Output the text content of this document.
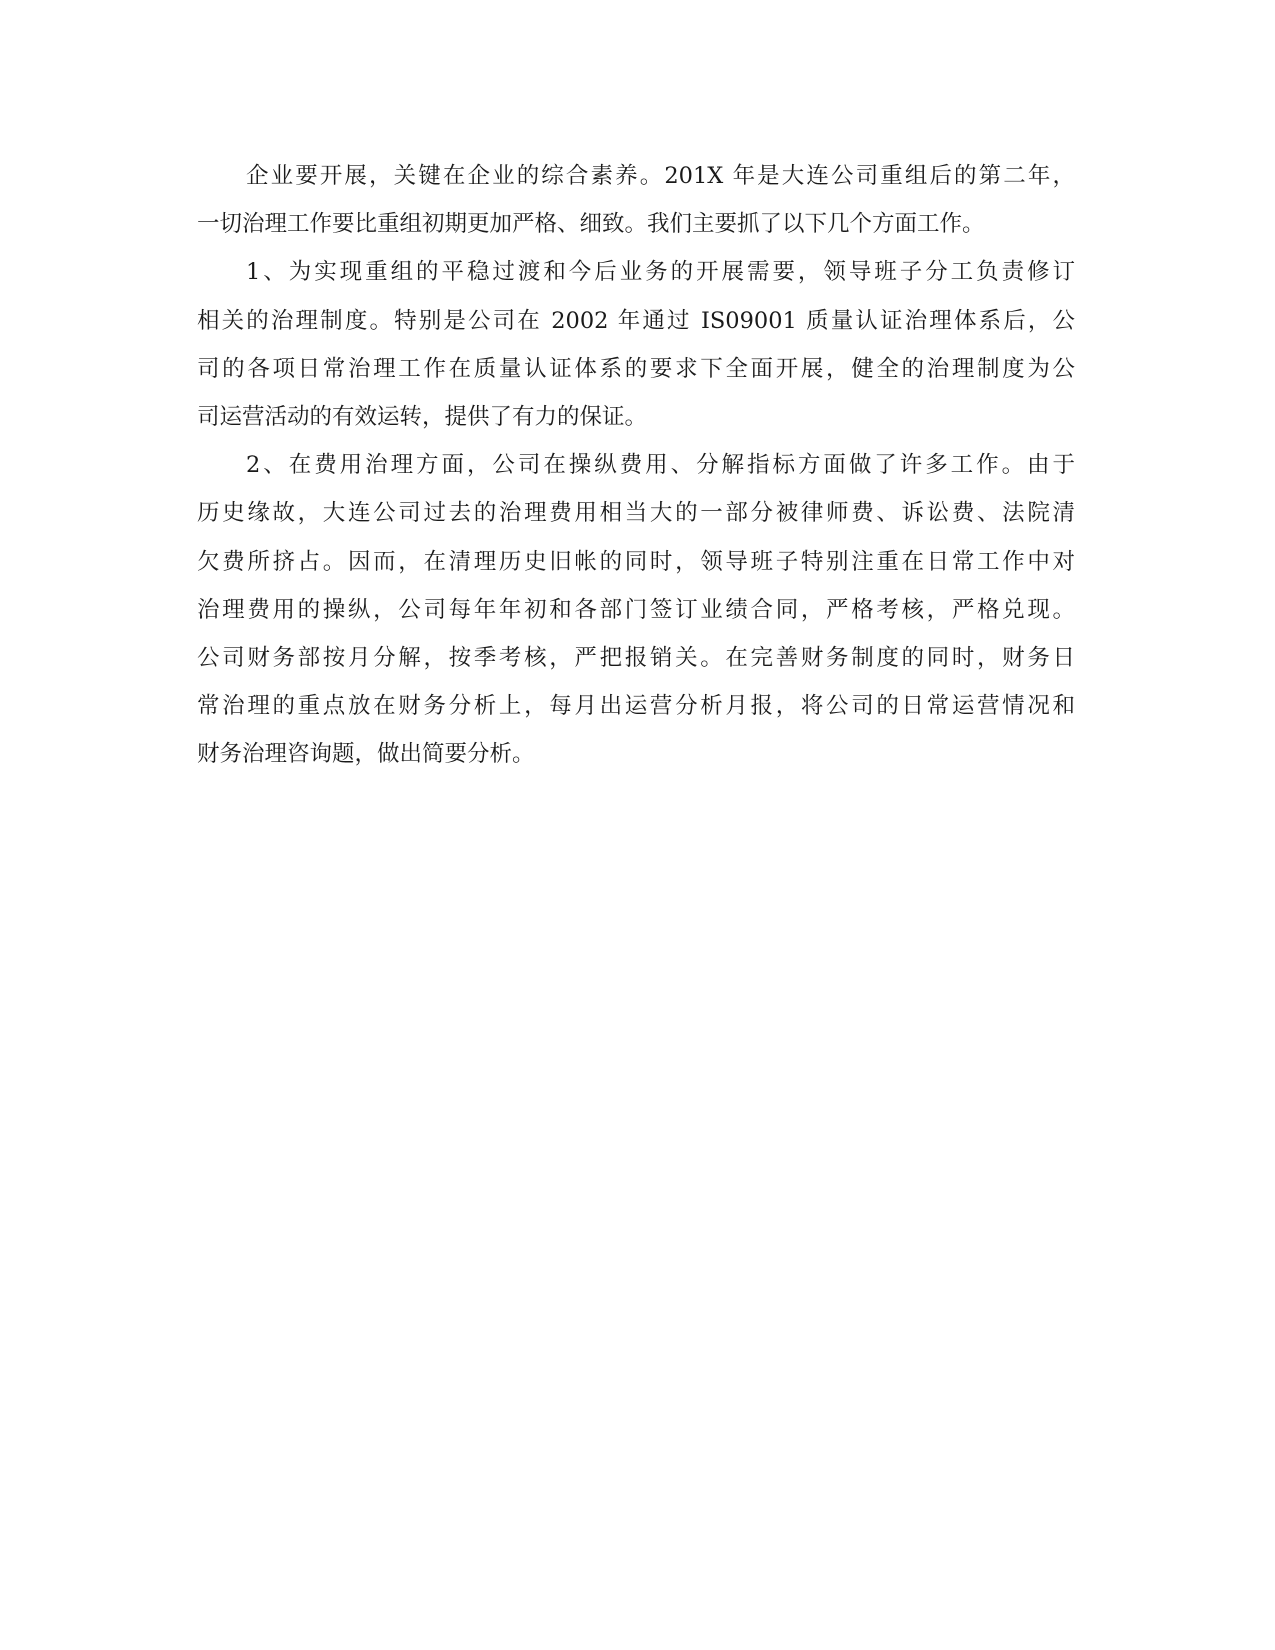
企业要开展，关键在企业的综合素养。201X 年是大连公司重组后的第二年，
一切治理工作要比重组初期更加严格、细致。我们主要抓了以下几个方面工作。
1、为实现重组的平稳过渡和今后业务的开展需要，领导班子分工负责修订
相关的治理制度。特别是公司在 2002 年通过 IS09001 质量认证治理体系后，公
司的各项日常治理工作在质量认证体系的要求下全面开展，健全的治理制度为公
司运营活动的有效运转，提供了有力的保证。
2、在费用治理方面，公司在操纵费用、分解指标方面做了许多工作。由于
历史缘故，大连公司过去的治理费用相当大的一部分被律师费、诉讼费、法院清
欠费所挤占。因而，在清理历史旧帐的同时，领导班子特别注重在日常工作中对
治理费用的操纵，公司每年年初和各部门签订业绩合同，严格考核，严格兑现。
公司财务部按月分解，按季考核，严把报销关。在完善财务制度的同时，财务日
常治理的重点放在财务分析上，每月出运营分析月报，将公司的日常运营情况和
财务治理咨询题，做出简要分析。
